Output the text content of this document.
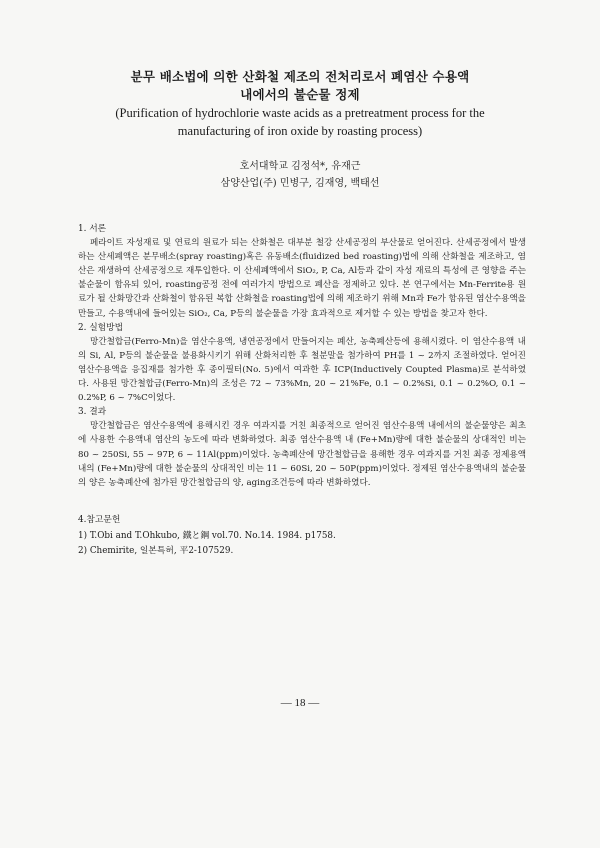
분무 배소법에 의한 산화철 제조의 전처리로서 폐염산 수용액
내에서의 불순물 정제
(Purification of hydrochlorie waste acids as a pretreatment process for the
manufacturing of iron oxide by roasting process)
호서대학교 김정석*, 유재근
삼양산업(주) 민병구, 김재영, 백태선
1. 서론

페라이트 자성재료 및 연료의 원료가 되는 산화철은 대부분 철강 산세공정의 부산물로 얻어진다. 산세공정에서 발생하는 산세폐액은 분무배소(spray roasting)혹은 유동배소(fluidized bed roasting)법에 의해 산화철을 제조하고, 염산은 재생하여 산세공정으로 재투입한다. 이 산세폐액에서 SiO₂, P, Ca, Al등과 같이 자성 재료의 특성에 큰 영향을 주는 불순물이 함유되 있어, roasting공정 전에 여러가지 방법으로 폐산을 정제하고 있다. 본 연구에서는 Mn-Ferrite용 원료가 될 산화망간과 산화철이 함유된 복합 산화철을 roasting법에 의해 제조하기 위해 Mn과 Fe가 함유된 염산수용액을 만들고, 수용액내에 들어있는 SiO₂, Ca, P등의 불순물을 가장 효과적으로 제거할 수 있는 방법을 찾고자 한다.

2. 실험방법

망간철합금(Ferro-Mn)을 염산수용액, 냉연공정에서 만들어지는 폐산, 농축폐산등에 용해시켰다. 이 염산수용액 내의 Si, Al, P등의 불순물을 불용화시키기 위해 산화처리한 후 철분말을 첨가하여 PH를 1 ~ 2까지 조절하였다. 얻어진 염산수용액을 응집재를 첨가한 후 종이필터(No. 5)에서 여과한 후 ICP(Inductively Coupted Plasma)로 분석하였다. 사용된 망간철합금(Ferro-Mn)의 조성은 72 ~ 73%Mn, 20 ~ 21%Fe, 0.1 ~ 0.2%Si, 0.1 ~ 0.2%O, 0.1 ~ 0.2%P, 6 ~ 7%C이었다.

3. 결과

망간철합금은 염산수용액에 용해시킨 경우 여과지를 거친 최종적으로 얻어진 염산수용액 내에서의 불순물양은 최초에 사용한 수용액내 염산의 농도에 따라 변화하였다. 최종 염산수용액 내 (Fe+Mn)량에 대한 불순물의 상대적인 비는 80 ~ 250Si, 55 ~ 97P, 6 ~ 11Al(ppm)이었다. 농축폐산에 망간철합금을 용해한 경우 여과지를 거친 최종 정제용액 내의 (Fe+Mn)량에 대한 불순물의 상대적인 비는 11 ~ 60Si, 20 ~ 50P(ppm)이었다. 정제된 염산수용액내의 불순물의 양은 농축폐산에 첨가된 망간철합금의 양, aging조건등에 따라 변화하였다.

4.참고문헌
1) T.Obi and T.Ohkubo, 鐵と鋼 vol.70. No.14. 1984. p1758.
2) Chemirite, 일본특허, 平2-107529.
— 18 —
